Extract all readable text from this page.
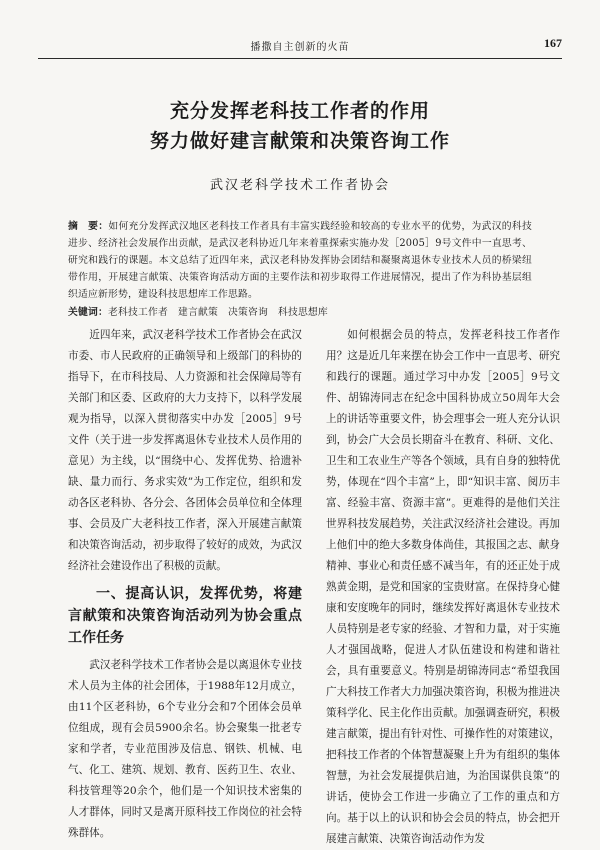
播撒自主创新的火苗	167
充分发挥老科技工作者的作用
努力做好建言献策和决策咨询工作
武汉老科学技术工作者协会
摘　要：如何充分发挥武汉地区老科技工作者具有丰富实践经验和较高的专业水平的优势，为武汉的科技进步、经济社会发展作出贡献，是武汉老科协近几年来着重探索实施办发［2005］9号文件中一直思考、研究和践行的课题。本文总结了近四年来，武汉老科协发挥协会团结和凝聚离退休专业技术人员的桥梁纽带作用，开展建言献策、决策咨询活动方面的主要作法和初步取得工作进展情况，提出了作为科协基层组织适应新形势，建设科技思想库工作思路。
关键词：老科技工作者　建言献策　决策咨询　科技思想库

近四年来，武汉老科学技术工作者协会在武汉市委、市人民政府的正确领导和上级部门的科协的指导下，在市科技局、人力资源和社会保障局等有关部门和区委、区政府的大力支持下，以科学发展观为指导，以深入贯彻落实中办发［2005］9号文件（关于进一步发挥离退休专业技术人员作用的意见）为主线，以“围绕中心、发挥优势、拾遗补缺、量力而行、务求实效”为工作定位，组织和发动各区老科协、各分会、各团体会员单位和全体理事、会员及广大老科技工作者，深入开展建言献策和决策咨询活动，初步取得了较好的成效，为武汉经济社会建设作出了积极的贡献。

一、提高认识，发挥优势，将建言献策和决策咨询活动列为协会重点工作任务

武汉老科学技术工作者协会是以离退休专业技术人员为主体的社会团体，于1988年12月成立，由11个区老科协，6个专业分会和7个团体会员单位组成，现有会员5900余名。协会聚集一批老专家和学者，专业范围涉及信息、钢铁、机械、电气、化工、建筑、规划、教育、医药卫生、农业、科技管理等20余个，他们是一个知识技术密集的人才群体，同时又是离开原科技工作岗位的社会特殊群体。

如何根据会员的特点，发挥老科技工作者作用？这是近几年来摆在协会工作中一直思考、研究和践行的课题。通过学习中办发［2005］9号文件、胡锦涛同志在纪念中国科协成立50周年大会上的讲话等重要文件，协会理事会一班人充分认识到，协会广大会员长期奋斗在教育、科研、文化、卫生和工农业生产等各个领域，具有自身的独特优势，体现在“四个丰富”上，即“知识丰富、阅历丰富、经验丰富、资源丰富”。更难得的是他们关注世界科技发展趋势，关注武汉经济社会建设。再加上他们中的绝大多数身体尚佳，其报国之志、献身精神、事业心和责任感不减当年，有的还正处于成熟黄金期，是党和国家的宝贵财富。在保持身心健康和安度晚年的同时，继续发挥好离退休专业技术人员特别是老专家的经验、才智和力量，对于实施人才强国战略，促进人才队伍建设和构建和谐社会，具有重要意义。特别是胡锦涛同志“希望我国广大科技工作者大力加强决策咨询，积极为推进决策科学化、民主化作出贡献。加强调查研究，积极建言献策，提出有针对性、可操作性的对策建议，把科技工作者的个体智慧凝聚上升为有组织的集体智慧，为社会发展提供启迪，为治国谋供良策”的讲话，使协会工作进一步确立了工作的重点和方向。基于以上的认识和协会会员的特点，协会把开展建言献策、决策咨询活动作为发
